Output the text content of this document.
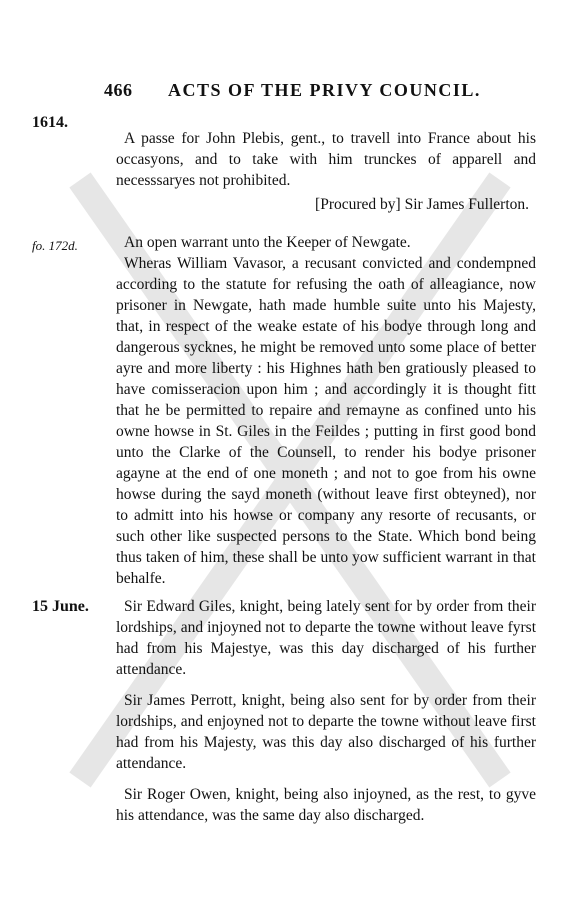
466 ACTS OF THE PRIVY COUNCIL.
1614.

A passe for John Plebis, gent., to travell into France about his occasyons, and to take with him trunckes of apparell and necesssaryes not prohibited.

[Procured by] Sir James Fullerton.
fo. 172d.	An open warrant unto the Keeper of Newgate.

Wheras William Vavasor, a recusant convicted and condempned according to the statute for refusing the oath of alleagiance, now prisoner in Newgate, hath made humble suite unto his Majesty, that, in respect of the weake estate of his bodye through long and dangerous sycknes, he might be removed unto some place of better ayre and more liberty : his Highnes hath ben gratiously pleased to have comisseracion upon him ; and accordingly it is thought fitt that he be permitted to repaire and remayne as confined unto his owne howse in St. Giles in the Feildes ; putting in first good bond unto the Clarke of the Counsell, to render his bodye prisoner agayne at the end of one moneth ; and not to goe from his owne howse during the sayd moneth (without leave first obteyned), nor to admitt into his howse or company any resorte of recusants, or such other like suspected persons to the State. Which bond being thus taken of him, these shall be unto yow sufficient warrant in that behalfe.

15 June.	Sir Edward Giles, knight, being lately sent for by order from their lordships, and injoyned not to departe the towne without leave fyrst had from his Majestye, was this day discharged of his further attendance.

Sir James Perrott, knight, being also sent for by order from their lordships, and enjoyned not to departe the towne without leave first had from his Majesty, was this day also discharged of his further attendance.

Sir Roger Owen, knight, being also injoyned, as the rest, to gyve his attendance, was the same day also discharged.
